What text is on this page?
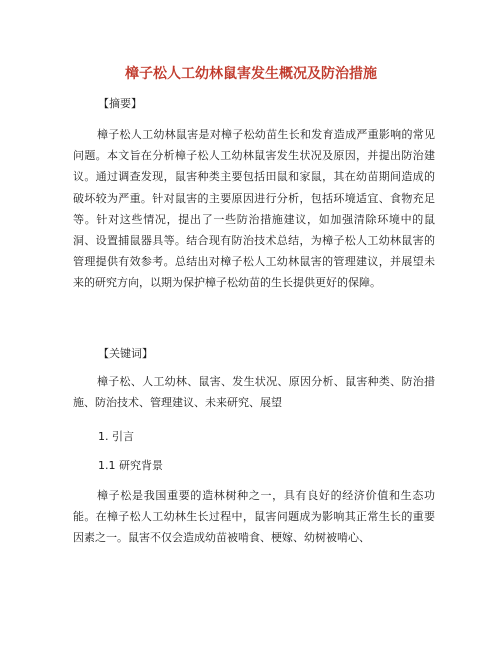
樟子松人工幼林鼠害发生概况及防治措施
【摘要】
樟子松人工幼林鼠害是对樟子松幼苗生长和发育造成严重影响的常见问题。本文旨在分析樟子松人工幼林鼠害发生状况及原因，并提出防治建议。通过调查发现，鼠害种类主要包括田鼠和家鼠，其在幼苗期间造成的破坏较为严重。针对鼠害的主要原因进行分析，包括环境适宜、食物充足等。针对这些情况，提出了一些防治措施建议，如加强清除环境中的鼠洞、设置捕鼠器具等。结合现有防治技术总结，为樟子松人工幼林鼠害的管理提供有效参考。总结出对樟子松人工幼林鼠害的管理建议，并展望未来的研究方向，以期为保护樟子松幼苗的生长提供更好的保障。
【关键词】
樟子松、人工幼林、鼠害、发生状况、原因分析、鼠害种类、防治措施、防治技术、管理建议、未来研究、展望
1. 引言
1.1 研究背景
樟子松是我国重要的造林树种之一，具有良好的经济价值和生态功能。在樟子松人工幼林生长过程中，鼠害问题成为影响其正常生长的重要因素之一。鼠害不仅会造成幼苗被啃食、梗嫁、幼树被啃心、
